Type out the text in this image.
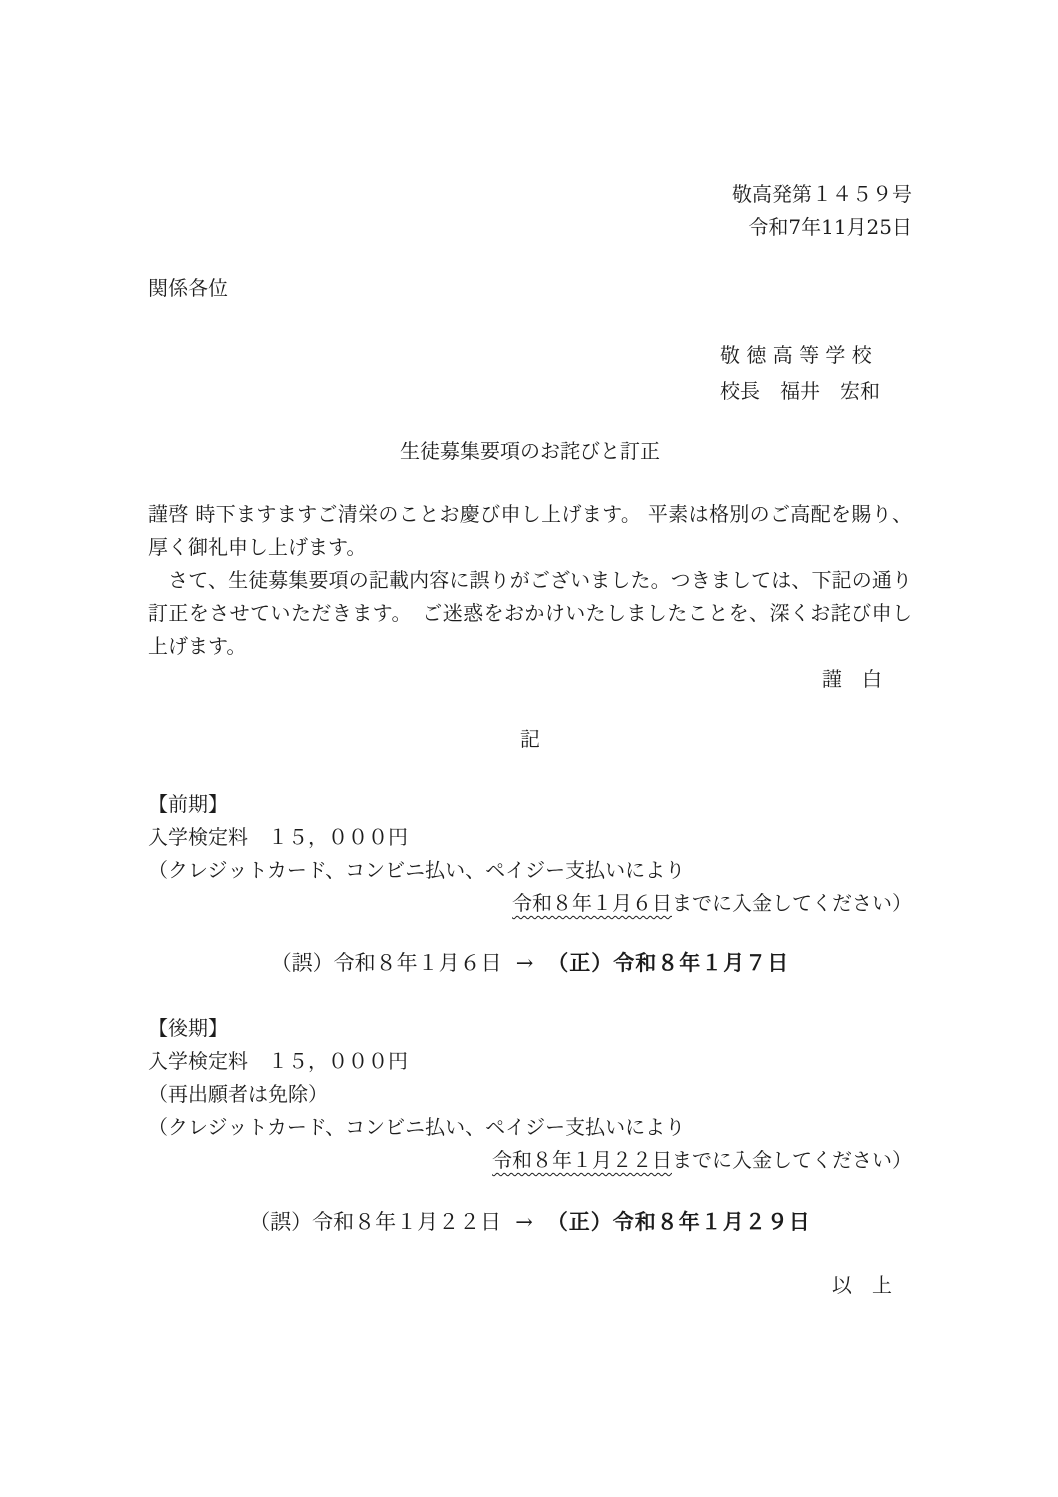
敬高発第１４５９号
令和7年11月25日
関係各位
敬 徳 高 等 学 校
校長　福井　宏和
生徒募集要項のお詫びと訂正

謹啓 時下ますますご清栄のことお慶び申し上げます。 平素は格別のご高配を賜り、厚く御礼申し上げます。

　さて、生徒募集要項の記載内容に誤りがございました。つきましては、下記の通り訂正をさせていただきます。　ご迷惑をおかけいたしましたことを、深くお詫び申し上げます。

謹　白
記
【前期】
入学検定料　１５，０００円
（クレジットカード、コンビニ払い、ペイジー支払いにより
令和８年１月６日までに入金してください）
（誤）令和８年１月６日 → （正）令和８年１月７日
【後期】
入学検定料　１５，０００円
（再出願者は免除）
（クレジットカード、コンビニ払い、ペイジー支払いにより
令和８年１月２２日までに入金してください）
（誤）令和８年１月２２日 → （正）令和８年１月２９日
以　上
